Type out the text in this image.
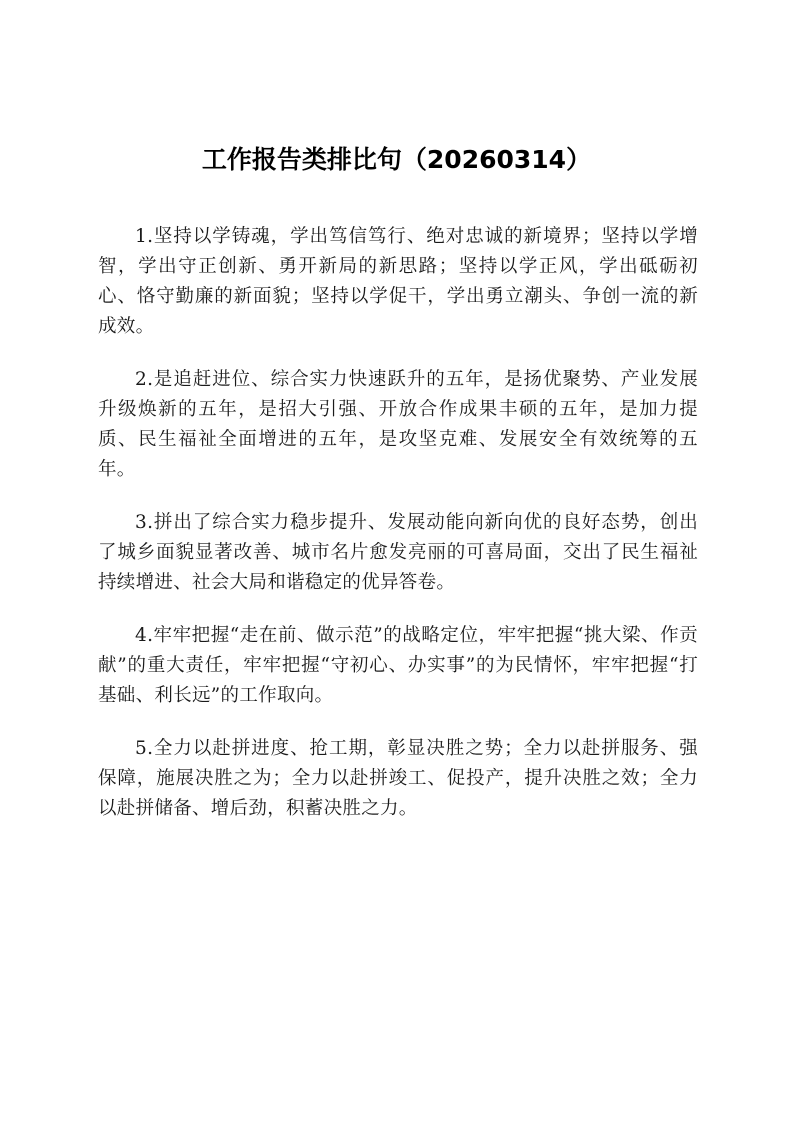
工作报告类排比句（20260314）

1.坚持以学铸魂，学出笃信笃行、绝对忠诚的新境界；坚持以学增智，学出守正创新、勇开新局的新思路；坚持以学正风，学出砥砺初心、恪守勤廉的新面貌；坚持以学促干，学出勇立潮头、争创一流的新成效。

2.是追赶进位、综合实力快速跃升的五年，是扬优聚势、产业发展升级焕新的五年，是招大引强、开放合作成果丰硕的五年，是加力提质、民生福祉全面增进的五年，是攻坚克难、发展安全有效统筹的五年。

3.拼出了综合实力稳步提升、发展动能向新向优的良好态势，创出了城乡面貌显著改善、城市名片愈发亮丽的可喜局面，交出了民生福祉持续增进、社会大局和谐稳定的优异答卷。

4.牢牢把握“走在前、做示范”的战略定位，牢牢把握“挑大梁、作贡献”的重大责任，牢牢把握“守初心、办实事”的为民情怀，牢牢把握“打基础、利长远”的工作取向。

5.全力以赴拼进度、抢工期，彰显决胜之势；全力以赴拼服务、强保障，施展决胜之为；全力以赴拼竣工、促投产，提升决胜之效；全力以赴拼储备、增后劲，积蓄决胜之力。
